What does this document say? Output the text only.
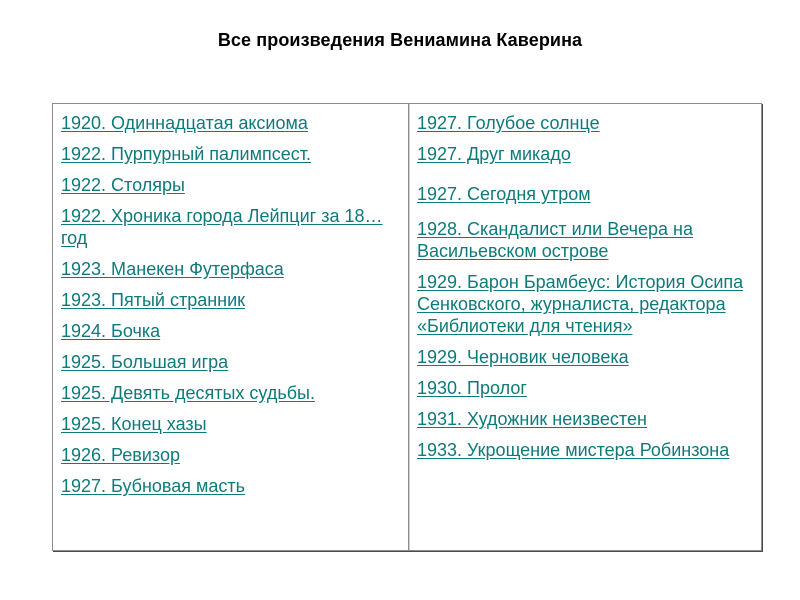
Все произведения Вениамина Каверина
1920. Одиннадцатая аксиома
1922. Пурпурный палимпсест.
1922. Столяры
1922. Хроника города Лейпциг за 18… год
1923. Манекен Футерфаса
1923. Пятый странник
1924. Бочка
1925. Большая игра
1925. Девять десятых судьбы.
1925. Конец хазы
1926. Ревизор
1927. Бубновая масть
1927. Голубое солнце
1927. Друг микадо
1927. Сегодня утром
1928. Скандалист или Вечера на Васильевском острове
1929. Барон Брамбеус: История Осипа Сенковского, журналиста, редактора «Библиотеки для чтения»
1929. Черновик человека
1930. Пролог
1931. Художник неизвестен
1933. Укрощение мистера Робинзона
